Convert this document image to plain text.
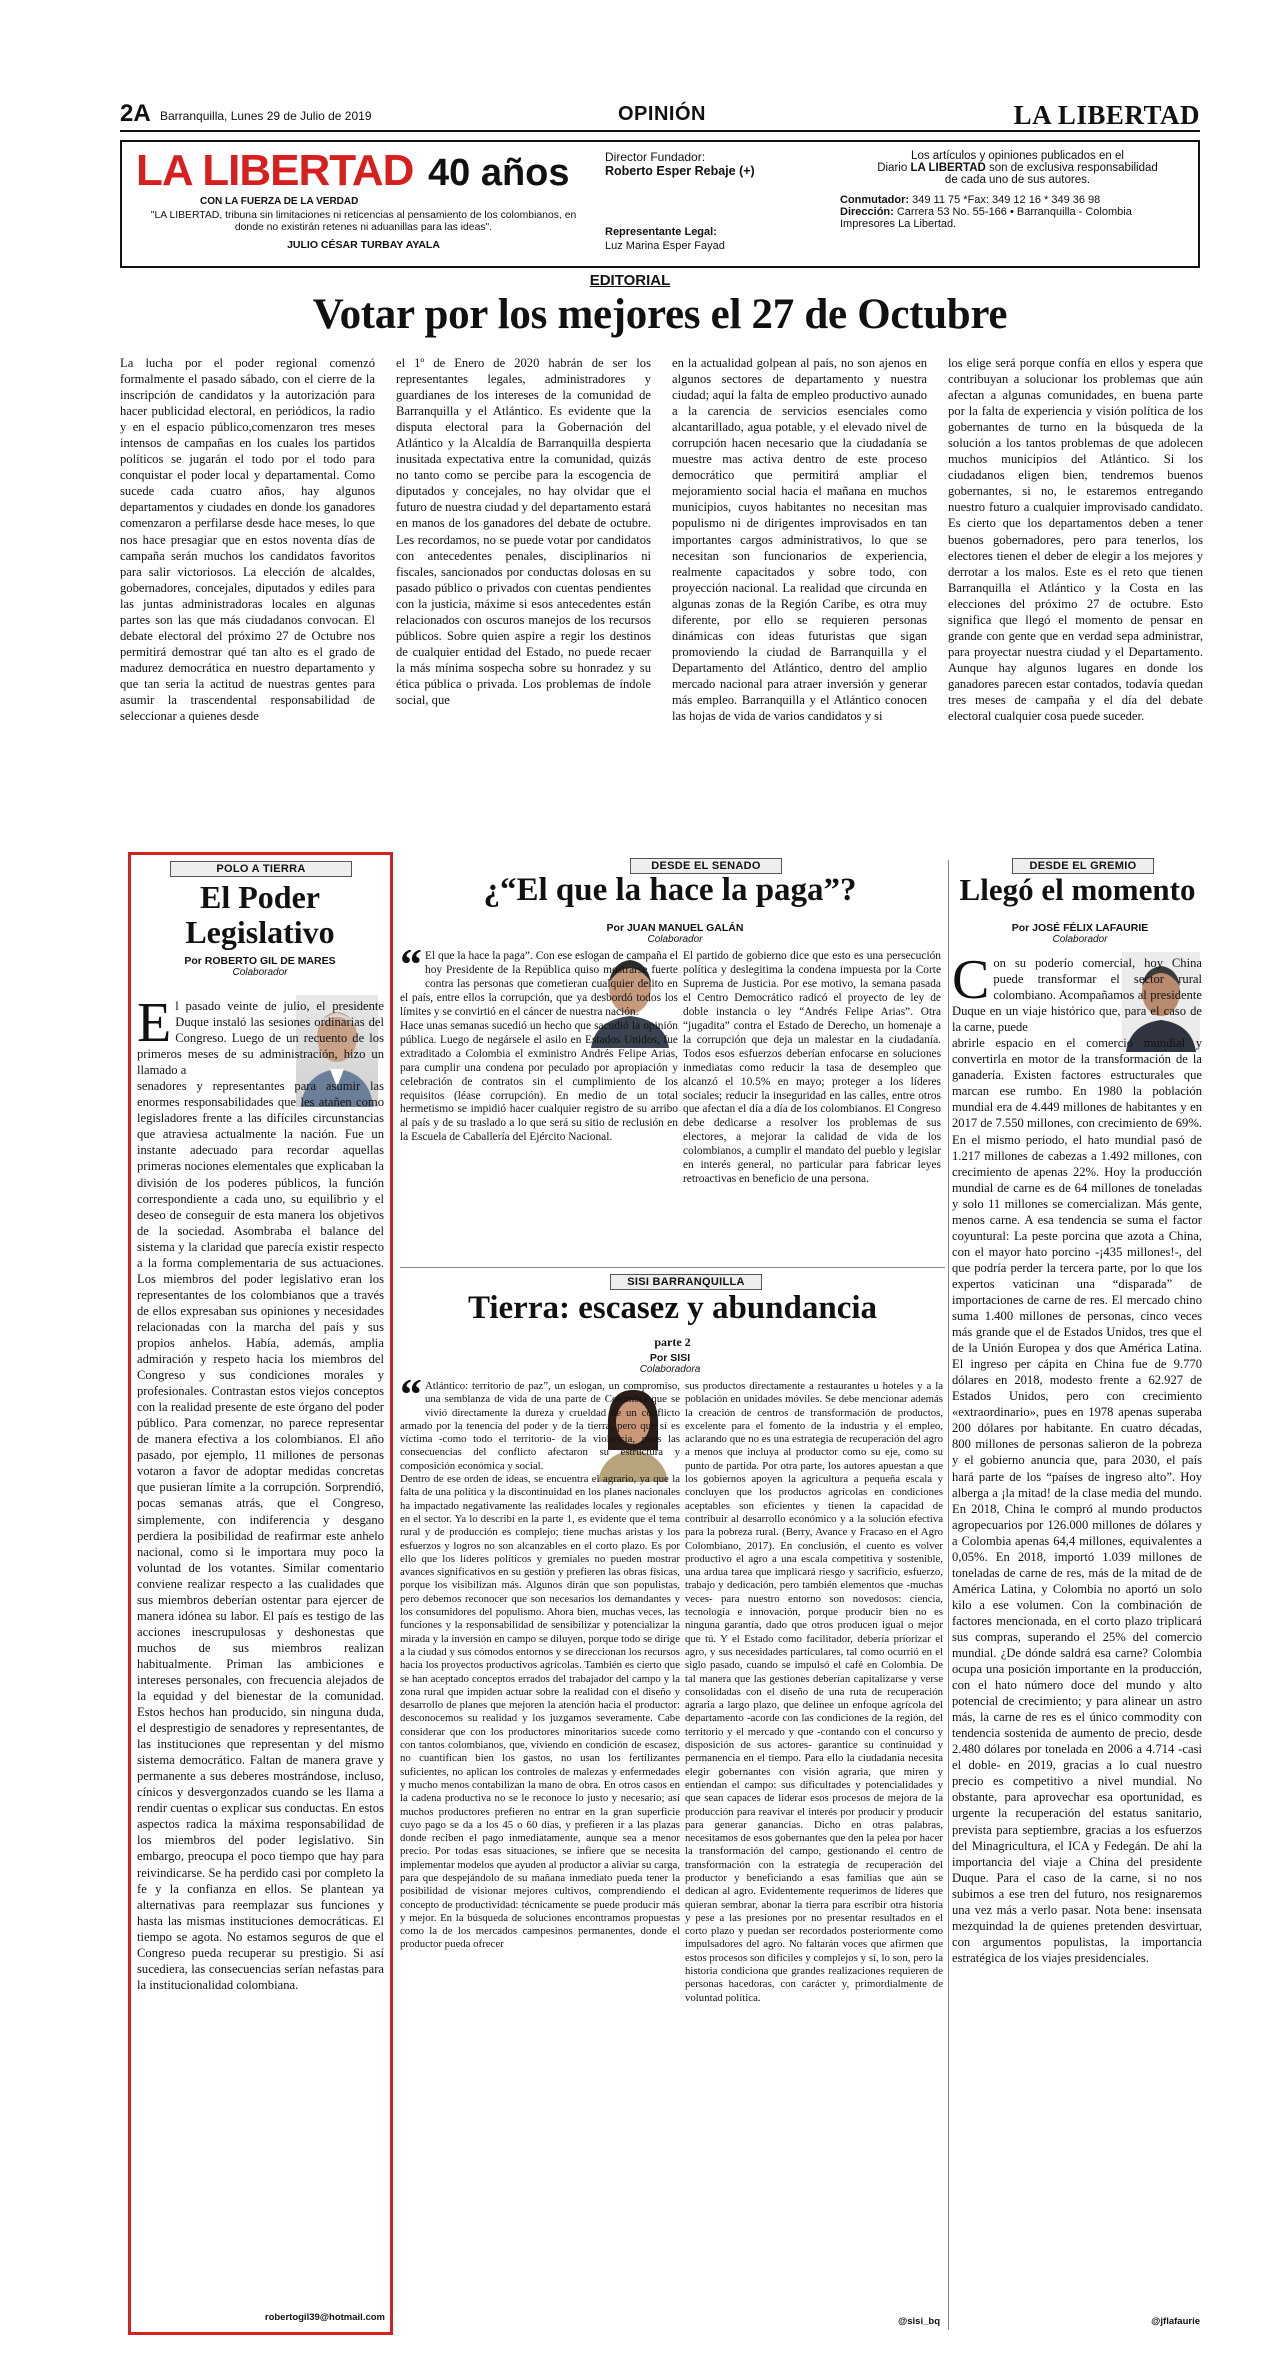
2A Barranquilla, Lunes 29 de Julio de 2019	OPINIÓN	LA LIBERTAD
LA LIBERTAD 40 años
CON LA FUERZA DE LA VERDAD
"LA LIBERTAD, tribuna sin limitaciones ni reticencias al pensamiento de los colombianos, en donde no existirán retenes ni aduanillas para las ideas".
JULIO CÉSAR TURBAY AYALA
Director Fundador:
Roberto Esper Rebaje (+)
Representante Legal:
Luz Marina Esper Fayad
Los artículos y opiniones publicados en el
Diario LA LIBERTAD son de exclusiva responsabilidad
de cada uno de sus autores.
Conmutador: 349 11 75 *Fax: 349 12 16 * 349 36 98
Dirección: Carrera 53 No. 55-166 • Barranquilla - Colombia
Impresores La Libertad.
EDITORIAL
Votar por los mejores el 27 de Octubre

La lucha por el poder regional comenzó formalmente el pasado sábado, con el cierre de la inscripción de candidatos y la autorización para hacer publicidad electoral, en periódicos, la radio y en el espacio público,comenzaron tres meses intensos de campañas en los cuales los partidos políticos se jugarán el todo por el todo para conquistar el poder local y departamental. Como sucede cada cuatro años, hay algunos departamentos y ciudades en donde los ganadores comenzaron a perfilarse desde hace meses, lo que nos hace presagiar que en estos noventa días de campaña serán muchos los candidatos favoritos para salir victoriosos. La elección de alcaldes, gobernadores, concejales, diputados y ediles para las juntas administradoras locales en algunas partes son las que más ciudadanos convocan. El debate electoral del próximo 27 de Octubre nos permitirá demostrar qué tan alto es el grado de madurez democrática en nuestro departamento y que tan seria la actitud de nuestras gentes para asumir la trascendental responsabilidad de seleccionar a quienes desde

el 1º de Enero de 2020 habrán de ser los representantes legales, administradores y guardianes de los intereses de la comunidad de Barranquilla y el Atlántico. Es evidente que la disputa electoral para la Gobernación del Atlántico y la Alcaldía de Barranquilla despierta inusitada expectativa entre la comunidad, quizás no tanto como se percibe para la escogencia de diputados y concejales, no hay olvidar que el futuro de nuestra ciudad y del departamento estará en manos de los ganadores del debate de octubre. Les recordamos, no se puede votar por candidatos con antecedentes penales, disciplinarios ni fiscales, sancionados por conductas dolosas en su pasado público o privados con cuentas pendientes con la justicia, máxime si esos antecedentes están relacionados con oscuros manejos de los recursos públicos. Sobre quien aspire a regir los destinos de cualquier entidad del Estado, no puede recaer la más mínima sospecha sobre su honradez y su ética pública o privada. Los problemas de índole social, que

en la actualidad golpean al país, no son ajenos en algunos sectores de departamento y nuestra ciudad; aquí la falta de empleo productivo aunado a la carencia de servicios esenciales como alcantarillado, agua potable, y el elevado nivel de corrupción hacen necesario que la ciudadanía se muestre mas activa dentro de este proceso democrático que permitirá ampliar el mejoramiento social hacia el mañana en muchos municipios, cuyos habitantes no necesitan mas populismo ni de dirigentes improvisados en tan importantes cargos administrativos, lo que se necesitan son funcionarios de experiencia, realmente capacitados y sobre todo, con proyección nacional. La realidad que circunda en algunas zonas de la Región Caribe, es otra muy diferente, por ello se requieren personas dinámicas con ideas futuristas que sigan promoviendo la ciudad de Barranquilla y el Departamento del Atlántico, dentro del amplio mercado nacional para atraer inversión y generar más empleo. Barranquilla y el Atlántico conocen las hojas de vida de varios candidatos y si

los elige será porque confía en ellos y espera que contribuyan a solucionar los problemas que aún afectan a algunas comunidades, en buena parte por la falta de experiencia y visión política de los gobernantes de turno en la búsqueda de la solución a los tantos problemas de que adolecen muchos municipios del Atlántico. Si los ciudadanos eligen bien, tendremos buenos gobernantes, si no, le estaremos entregando nuestro futuro a cualquier improvisado candidato. Es cierto que los departamentos deben a tener buenos gobernadores, pero para tenerlos, los electores tienen el deber de elegir a los mejores y derrotar a los malos. Este es el reto que tienen Barranquilla el Atlántico y la Costa en las elecciones del próximo 27 de octubre. Esto significa que llegó el momento de pensar en grande con gente que en verdad sepa administrar, para proyectar nuestra ciudad y el Departamento. Aunque hay algunos lugares en donde los ganadores parecen estar contados, todavía quedan tres meses de campaña y el día del debate electoral cualquier cosa puede suceder.

POLO A TIERRA
El Poder
Legislativo
Por ROBERTO GIL DE MARES
Colaborador

El pasado veinte de julio, el presidente Duque instaló las sesiones ordinarias del Congreso. Luego de un recuento de los primeros meses de su administración, hizo un llamado a

senadores y representantes para asumir las enormes responsabilidades que les atañen como legisladores frente a las difíciles circunstancias que atraviesa actualmente la nación. Fue un instante adecuado para recordar aquellas primeras nociones elementales que explicaban la división de los poderes públicos, la función correspondiente a cada uno, su equilibrio y el deseo de conseguir de esta manera los objetivos de la sociedad. Asombraba el balance del sistema y la claridad que parecía existir respecto a la forma complementaria de sus actuaciones. Los miembros del poder legislativo eran los representantes de los colombianos que a través de ellos expresaban sus opiniones y necesidades relacionadas con la marcha del país y sus propios anhelos. Había, además, amplia admiración y respeto hacia los miembros del Congreso y sus condiciones morales y profesionales. Contrastan estos viejos conceptos con la realidad presente de este órgano del poder público. Para comenzar, no parece representar de manera efectiva a los colombianos. El año pasado, por ejemplo, 11 millones de personas votaron a favor de adoptar medidas concretas que pusieran límite a la corrupción. Sorprendió, pocas semanas atrás, que el Congreso, simplemente, con indiferencia y desgano perdiera la posibilidad de reafirmar este anhelo nacional, como si le importara muy poco la voluntad de los votantes. Similar comentario conviene realizar respecto a las cualidades que sus miembros deberían ostentar para ejercer de manera idónea su labor. El país es testigo de las acciones inescrupulosas y deshonestas que muchos de sus miembros realizan habitualmente. Priman las ambiciones e intereses personales, con frecuencia alejados de la equidad y del bienestar de la comunidad. Estos hechos han producido, sin ninguna duda, el desprestigio de senadores y representantes, de las instituciones que representan y del mismo sistema democrático. Faltan de manera grave y permanente a sus deberes mostrándose, incluso, cínicos y desvergonzados cuando se les llama a rendir cuentas o explicar sus conductas. En estos aspectos radica la máxima responsabilidad de los miembros del poder legislativo. Sin embargo, preocupa el poco tiempo que hay para reivindicarse. Se ha perdido casi por completo la fe y la confianza en ellos. Se plantean ya alternativas para reemplazar sus funciones y hasta las mismas instituciones democráticas. El tiempo se agota. No estamos seguros de que el Congreso pueda recuperar su prestigio. Si así sucediera, las consecuencias serían nefastas para la institucionalidad colombiana.

robertogil39@hotmail.com
DESDE EL SENADO
¿“El que la hace la paga”?
Por JUAN MANUEL GALÁN
Colaborador

“ El que la hace la paga”. Con ese eslogan de campaña el hoy Presidente de la República quiso mostrarse fuerte contra las personas que cometieran cualquier delito en el país, entre ellos la corrupción, que ya desbordó todos los límites y se convirtió en el cáncer de nuestra nación.

Hace unas semanas sucedió un hecho que sacudió la opinión pública. Luego de negársele el asilo en Estados Unidos, fue extraditado a Colombia el exministro Andrés Felipe Arias, para cumplir una condena por peculado por apropiación y celebración de contratos sin el cumplimiento de los requisitos (léase corrupción). En medio de un total hermetismo se impidió hacer cualquier registro de su arribo al país y de su traslado a lo que será su sitio de reclusión en la Escuela de Caballería del Ejército Nacional.

El partido de gobierno dice que esto es una persecución política y deslegitima la condena impuesta por la Corte Suprema de Justicia. Por ese motivo, la semana pasada el Centro Democrático radicó el proyecto de ley de doble instancia o ley “Andrés Felipe Arias”. Otra “jugadita” contra el Estado de Derecho, un homenaje a la corrupción que deja un malestar en la ciudadanía. Todos esos esfuerzos deberían enfocarse en soluciones inmediatas como reducir la tasa de desempleo que alcanzó el 10.5% en mayo; proteger a los líderes sociales; reducir la inseguridad en las calles, entre otros que afectan el día a día de los colombianos. El Congreso debe dedicarse a resolver los problemas de sus electores, a mejorar la calidad de vida de los colombianos, a cumplir el mandato del pueblo y legislar en interés general, no particular para fabricar leyes retroactivas en beneficio de una persona.

SISI BARRANQUILLA
Tierra: escasez y abundancia
parte 2
Por SISI
Colaboradora

“ Atlántico: territorio de paz”, un eslogan, un compromiso, una semblanza de vida de una parte de Colombia que se vivió directamente la dureza y crueldad de un conflicto armado por la tenencia del poder y de la tierra, pero que sí es víctima -como todo el territorio- de la violencia, pues las consecuencias del conflicto afectaron su estructura y composición económica y social.

Dentro de ese orden de ideas, se encuentra el agrario, ya que la falta de una política y la discontinuidad en los planes nacionales ha impactado negativamente las realidades locales y regionales en el sector. Ya lo describí en la parte 1, es evidente que el tema rural y de producción es complejo; tiene muchas aristas y los esfuerzos y logros no son alcanzables en el corto plazo. Es por ello que los líderes políticos y gremiales no pueden mostrar avances significativos en su gestión y prefieren las obras físicas, porque los visibilizan más. Algunos dirán que son populistas, pero debemos reconocer que son necesarios los demandantes y los consumidores del populismo. Ahora bien, muchas veces, las funciones y la responsabilidad de sensibilizar y potencializar la mirada y la inversión en campo se diluyen, porque todo se dirige a la ciudad y sus cómodos entornos y se direccionan los recursos hacia los proyectos productivos agrícolas. También es cierto que se han aceptado conceptos errados del trabajador del campo y la zona rural que impiden actuar sobre la realidad con el diseño y desarrollo de planes que mejoren la atención hacia el productor: desconocemos su realidad y los juzgamos severamente. Cabe considerar que con los productores minoritarios sucede como con tantos colombianos, que, viviendo en condición de escasez, no cuantifican bien los gastos, no usan los fertilizantes suficientes, no aplican los controles de malezas y enfermedades y mucho menos contabilizan la mano de obra. En otros casos en la cadena productiva no se le reconoce lo justo y necesario; así muchos productores prefieren no entrar en la gran superficie cuyo pago se da a los 45 o 60 días, y prefieren ir a las plazas donde reciben el pago inmediatamente, aunque sea a menor precio. Por todas esas situaciones, se infiere que se necesita implementar modelos que ayuden al productor a aliviar su carga, para que despejándolo de su mañana inmediato pueda tener la posibilidad de visionar mejores cultivos, comprendiendo el concepto de productividad: técnicamente se puede producir más y mejor. En la búsqueda de soluciones encontramos propuestas como la de los mercados campesinos permanentes, donde el productor pueda ofrecer

sus productos directamente a restaurantes u hoteles y a la población en unidades móviles. Se debe mencionar además la creación de centros de transformación de productos, excelente para el fomento de la industria y el empleo, aclarando que no es una estrategia de recuperación del agro a menos que incluya al productor como su eje, como su punto de partida. Por otra parte, los autores apuestan a que los gobiernos apoyen la agricultura a pequeña escala y concluyen que los productos agrícolas en condiciones aceptables son eficientes y tienen la capacidad de contribuir al desarrollo económico y a la solución efectiva para la pobreza rural. (Berry, Avance y Fracaso en el Agro Colombiano, 2017). En conclusión, el cuento es volver productivo el agro a una escala competitiva y sostenible, una ardua tarea que implicará riesgo y sacrificio, esfuerzo, trabajo y dedicación, pero también elementos que -muchas veces- para nuestro entorno son novedosos: ciencia, tecnología e innovación, porque producir bien no es ninguna garantía, dado que otros producen igual o mejor que tú. Y el Estado como facilitador, debería priorizar el agro, y sus necesidades particulares, tal como ocurrió en el siglo pasado, cuando se impulsó el café en Colombia. De tal manera que las gestiones deberían capitalizarse y verse consolidadas con el diseño de una ruta de recuperación agraria a largo plazo, que delinee un enfoque agrícola del departamento -acorde con las condiciones de la región, del territorio y el mercado y que -contando con el concurso y disposición de sus actores- garantice su continuidad y permanencia en el tiempo. Para ello la ciudadanía necesita elegir gobernantes con visión agraria, que miren y entiendan el campo: sus dificultades y potencialidades y que sean capaces de liderar esos procesos de mejora de la producción para reavivar el interés por producir y producir para generar ganancias. Dicho en otras palabras, necesitamos de esos gobernantes que den la pelea por hacer la transformación del campo, gestionando el centro de transformación con la estrategia de recuperación del productor y beneficiando a esas familias que aún se dedican al agro. Evidentemente requerimos de líderes que quieran sembrar, abonar la tierra para escribir otra historia y pese a las presiones por no presentar resultados en el corto plazo y puedan ser recordados posteriormente como impulsadores del agro. No faltarán voces que afirmen que estos procesos son difíciles y complejos y sí, lo son, pero la historia condiciona que grandes realizaciones requieren de personas hacedoras, con carácter y, primordialmente de voluntad política.

@sisi_bq
DESDE EL GREMIO
Llegó el momento
Por JOSÉ FÉLIX LAFAURIE
Colaborador

Con su poderío comercial, hoy China puede transformar el sector rural colombiano. Acompañamos al presidente Duque en un viaje histórico que, para el caso de la carne, puede

abrirle espacio en el comercio mundial y convertirla en motor de la transformación de la ganadería. Existen factores estructurales que marcan ese rumbo. En 1980 la población mundial era de 4.449 millones de habitantes y en 2017 de 7.550 millones, con crecimiento de 69%. En el mismo periodo, el hato mundial pasó de 1.217 millones de cabezas a 1.492 millones, con crecimiento de apenas 22%. Hoy la producción mundial de carne es de 64 millones de toneladas y solo 11 millones se comercializan. Más gente, menos carne. A esa tendencia se suma el factor coyuntural: La peste porcina que azota a China, con el mayor hato porcino -¡435 millones!-, del que podría perder la tercera parte, por lo que los expertos vaticinan una “disparada” de importaciones de carne de res. El mercado chino suma 1.400 millones de personas, cinco veces más grande que el de Estados Unidos, tres que el de la Unión Europea y dos que América Latina. El ingreso per cápita en China fue de 9.770 dólares en 2018, modesto frente a 62.927 de Estados Unidos, pero con crecimiento «extraordinario», pues en 1978 apenas superaba 200 dólares por habitante. En cuatro décadas, 800 millones de personas salieron de la pobreza y el gobierno anuncia que, para 2030, el país hará parte de los “países de ingreso alto”. Hoy alberga a ¡la mitad! de la clase media del mundo. En 2018, China le compró al mundo productos agropecuarios por 126.000 millones de dólares y a Colombia apenas 64,4 millones, equivalentes a 0,05%. En 2018, importó 1.039 millones de toneladas de carne de res, más de la mitad de de América Latina, y Colombia no aportó un solo kilo a ese volumen. Con la combinación de factores mencionada, en el corto plazo triplicará sus compras, superando el 25% del comercio mundial. ¿De dónde saldrá esa carne? Colombia ocupa una posición importante en la producción, con el hato número doce del mundo y alto potencial de crecimiento; y para alinear un astro más, la carne de res es el único commodity con tendencia sostenida de aumento de precio, desde 2.480 dólares por tonelada en 2006 a 4.714 -casi el doble- en 2019, gracias a lo cual nuestro precio es competitivo a nivel mundial. No obstante, para aprovechar esa oportunidad, es urgente la recuperación del estatus sanitario, prevista para septiembre, gracias a los esfuerzos del Minagricultura, el ICA y Fedegán. De ahí la importancia del viaje a China del presidente Duque. Para el caso de la carne, si no nos subimos a ese tren del futuro, nos resignaremos una vez más a verlo pasar. Nota bene: insensata mezquindad la de quienes pretenden desvirtuar, con argumentos populistas, la importancia estratégica de los viajes presidenciales.

@jflafaurie
